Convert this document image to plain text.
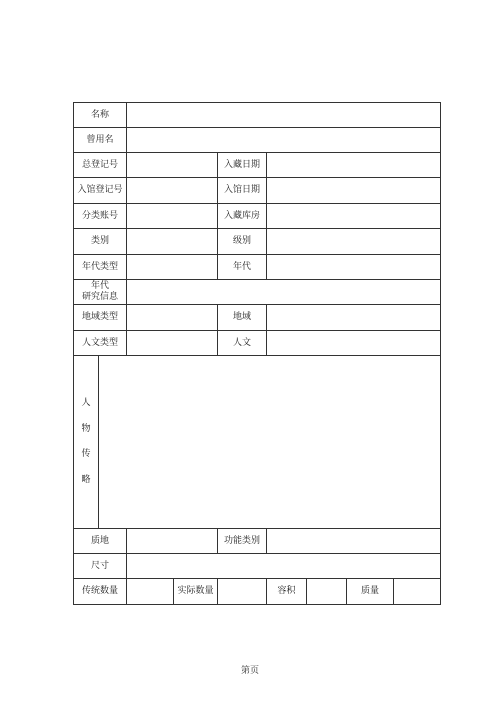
名称								
曾用名								
总登记号				入藏日期				
入馆登记号				入馆日期				
分类账号				入藏库房				
类别				级别				
年代类型				年代				

年代
研究信息								

地域类型				地域				
人文类型				人文				

人
物
传
略								

质地				功能类别				
尺寸								
传统数量			实际数量		容积		质量	
第页
